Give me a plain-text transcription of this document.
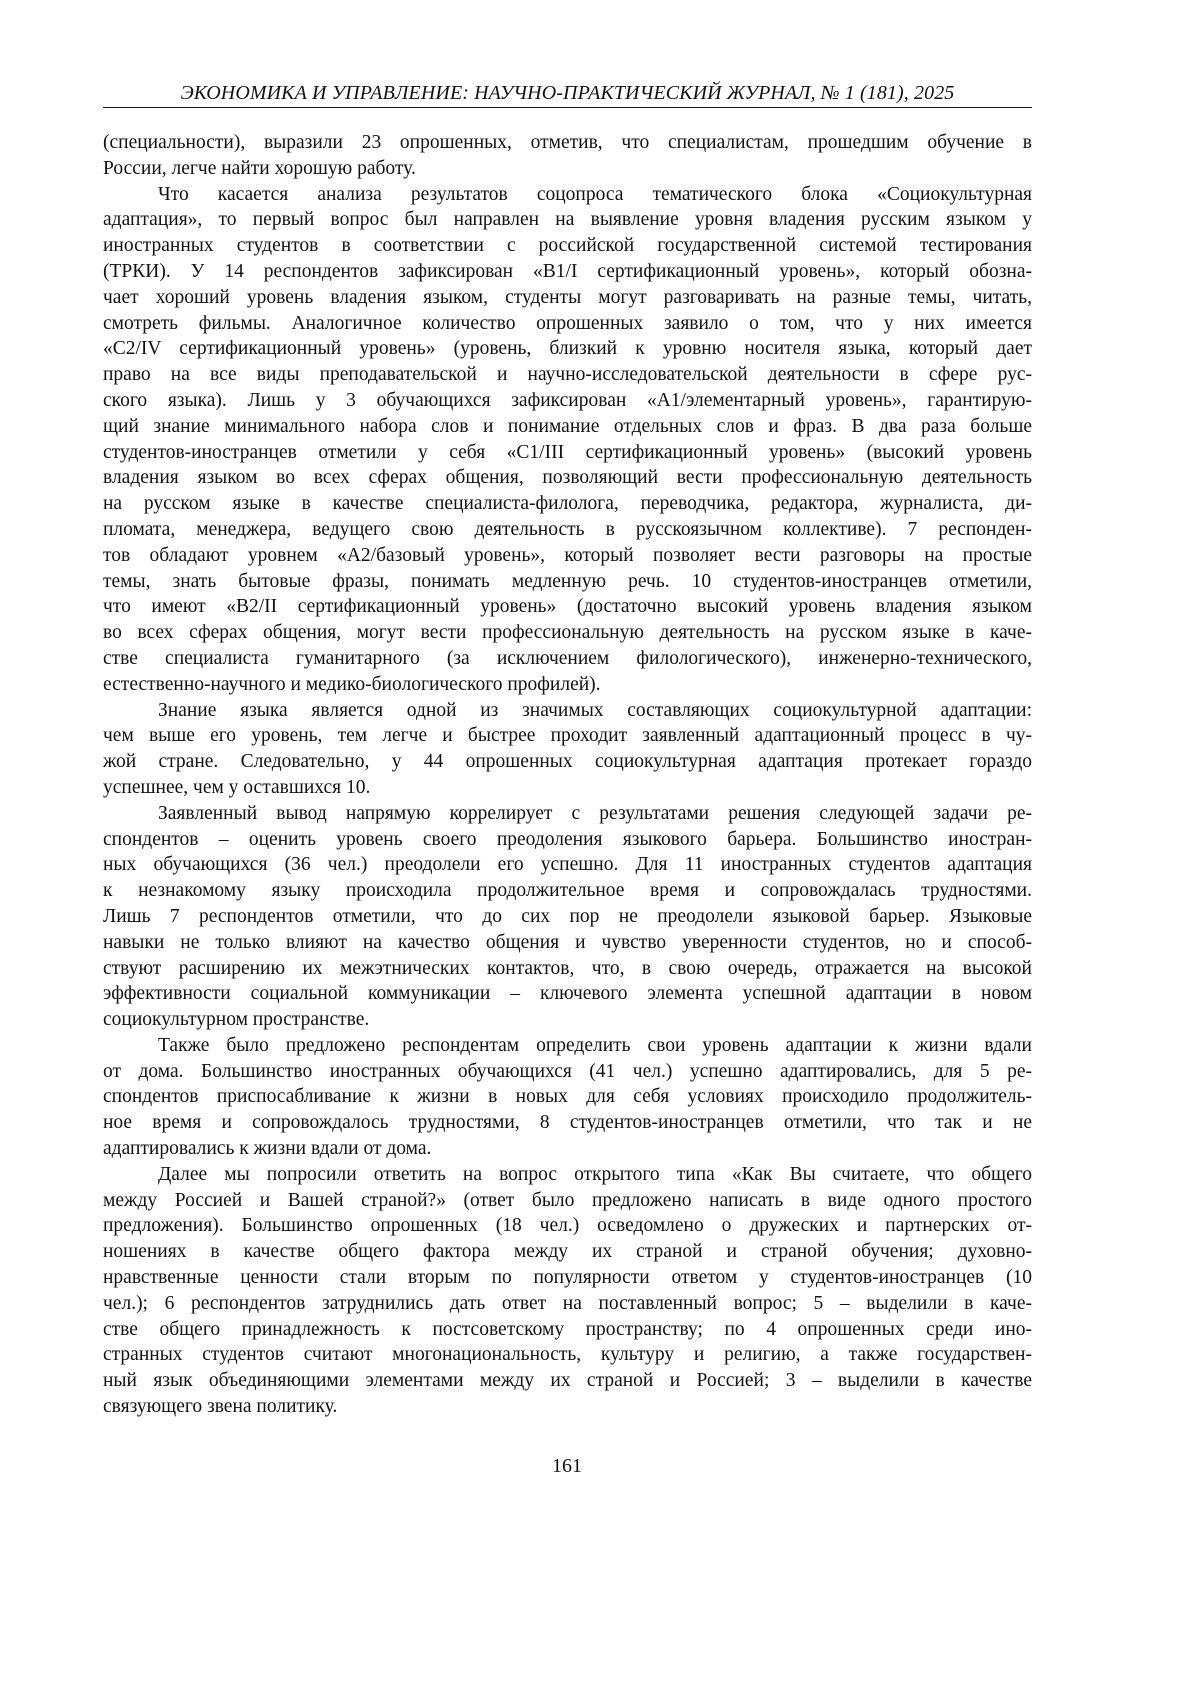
ЭКОНОМИКА И УПРАВЛЕНИЕ: НАУЧНО-ПРАКТИЧЕСКИЙ ЖУРНАЛ, № 1 (181), 2025
(специальности), выразили 23 опрошенных, отметив, что специалистам, прошедшим обучение в
России, легче найти хорошую работу.
Что касается анализа результатов соцопроса тематического блока «Социокультурная
адаптация», то первый вопрос был направлен на выявление уровня владения русским языком у
иностранных студентов в соответствии с российской государственной системой тестирования
(ТРКИ). У 14 респондентов зафиксирован «В1/I сертификационный уровень», который обозна-
чает хороший уровень владения языком, студенты могут разговаривать на разные темы, читать,
смотреть фильмы. Аналогичное количество опрошенных заявило о том, что у них имеется
«С2/IV сертификационный уровень» (уровень, близкий к уровню носителя языка, который дает
право на все виды преподавательской и научно-исследовательской деятельности в сфере рус-
ского языка). Лишь у 3 обучающихся зафиксирован «А1/элементарный уровень», гарантирую-
щий знание минимального набора слов и понимание отдельных слов и фраз. В два раза больше
студентов-иностранцев отметили у себя «С1/III сертификационный уровень» (высокий уровень
владения языком во всех сферах общения, позволяющий вести профессиональную деятельность
на русском языке в качестве специалиста-филолога, переводчика, редактора, журналиста, ди-
пломата, менеджера, ведущего свою деятельность в русскоязычном коллективе). 7 респонден-
тов обладают уровнем «А2/базовый уровень», который позволяет вести разговоры на простые
темы, знать бытовые фразы, понимать медленную речь. 10 студентов-иностранцев отметили,
что имеют «В2/II сертификационный уровень» (достаточно высокий уровень владения языком
во всех сферах общения, могут вести профессиональную деятельность на русском языке в каче-
стве специалиста гуманитарного (за исключением филологического), инженерно-технического,
естественно-научного и медико-биологического профилей).
Знание языка является одной из значимых составляющих социокультурной адаптации:
чем выше его уровень, тем легче и быстрее проходит заявленный адаптационный процесс в чу-
жой стране. Следовательно, у 44 опрошенных социокультурная адаптация протекает гораздо
успешнее, чем у оставшихся 10.
Заявленный вывод напрямую коррелирует с результатами решения следующей задачи ре-
спондентов – оценить уровень своего преодоления языкового барьера. Большинство иностран-
ных обучающихся (36 чел.) преодолели его успешно. Для 11 иностранных студентов адаптация
к незнакомому языку происходила продолжительное время и сопровождалась трудностями.
Лишь 7 респондентов отметили, что до сих пор не преодолели языковой барьер. Языковые
навыки не только влияют на качество общения и чувство уверенности студентов, но и способ-
ствуют расширению их межэтнических контактов, что, в свою очередь, отражается на высокой
эффективности социальной коммуникации – ключевого элемента успешной адаптации в новом
социокультурном пространстве.
Также было предложено респондентам определить свои уровень адаптации к жизни вдали
от дома. Большинство иностранных обучающихся (41 чел.) успешно адаптировались, для 5 ре-
спондентов приспосабливание к жизни в новых для себя условиях происходило продолжитель-
ное время и сопровождалось трудностями, 8 студентов-иностранцев отметили, что так и не
адаптировались к жизни вдали от дома.
Далее мы попросили ответить на вопрос открытого типа «Как Вы считаете, что общего
между Россией и Вашей страной?» (ответ было предложено написать в виде одного простого
предложения). Большинство опрошенных (18 чел.) осведомлено о дружеских и партнерских от-
ношениях в качестве общего фактора между их страной и страной обучения; духовно-
нравственные ценности стали вторым по популярности ответом у студентов-иностранцев (10
чел.); 6 респондентов затруднились дать ответ на поставленный вопрос; 5 – выделили в каче-
стве общего принадлежность к постсоветскому пространству; по 4 опрошенных среди ино-
странных студентов считают многонациональность, культуру и религию, а также государствен-
ный язык объединяющими элементами между их страной и Россией; 3 – выделили в качестве
связующего звена политику.
161
